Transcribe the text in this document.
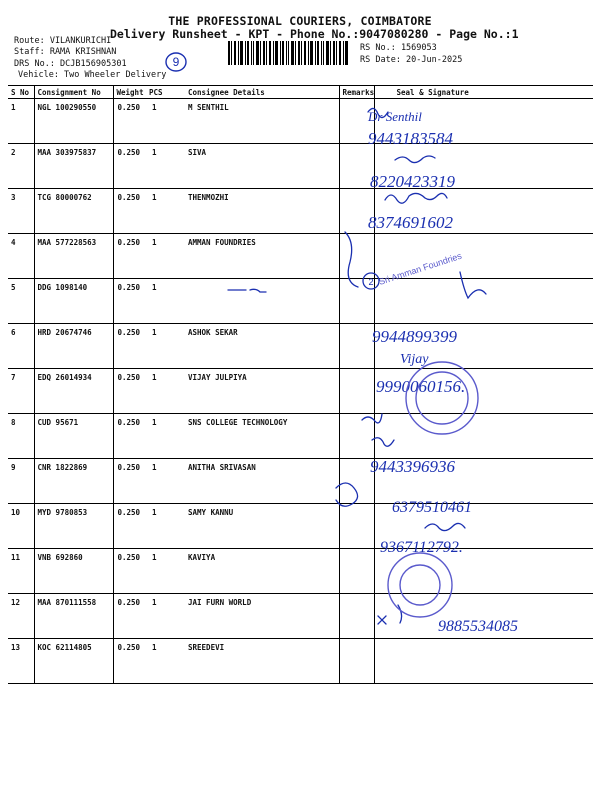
THE PROFESSIONAL COURIERS, COIMBATORE
Delivery Runsheet - KPT - Phone No.:9047080280 - Page No.:1
Route: VILANKURICHI
Staff: RAMA KRISHNAN
DRS No.: DCJB156905301
Vehicle: Two Wheeler Delivery
RS No.: 1569053
RS Date: 20-Jun-2025
9
S No	Consignment No	Weight	PCS	Consignee Details	Remarks	Seal & Signature
1	NGL 100290550	0.250	1	M SENTHIL		
2	MAA 303975837	0.250	1	SIVA		
3	TCG 80000762	0.250	1	THENMOZHI		
4	MAA 577228563	0.250	1	AMMAN FOUNDRIES		
5	DDG 1098140	0.250	1			
6	HRD 20674746	0.250	1	ASHOK SEKAR		
7	EDQ 26014934	0.250	1	VIJAY JULPIYA		
8	CUD 95671	0.250	1	SNS COLLEGE TECHNOLOGY		
9	CNR 1822869	0.250	1	ANITHA SRIVASAN		
10	MYD 9780853	0.250	1	SAMY KANNU		
11	VNB 692860	0.250	1	KAVIYA		
12	MAA 870111558	0.250	1	JAI FURN WORLD		
13	KOC 62114805	0.250	1	SREEDEVI		
Dr Senthil
9443183584
8220423319
8374691602
9944899399
Vijay
9990060156.
9443396936
6379510461
9367112792.
9885534085
Sri Amman Foundries
2
